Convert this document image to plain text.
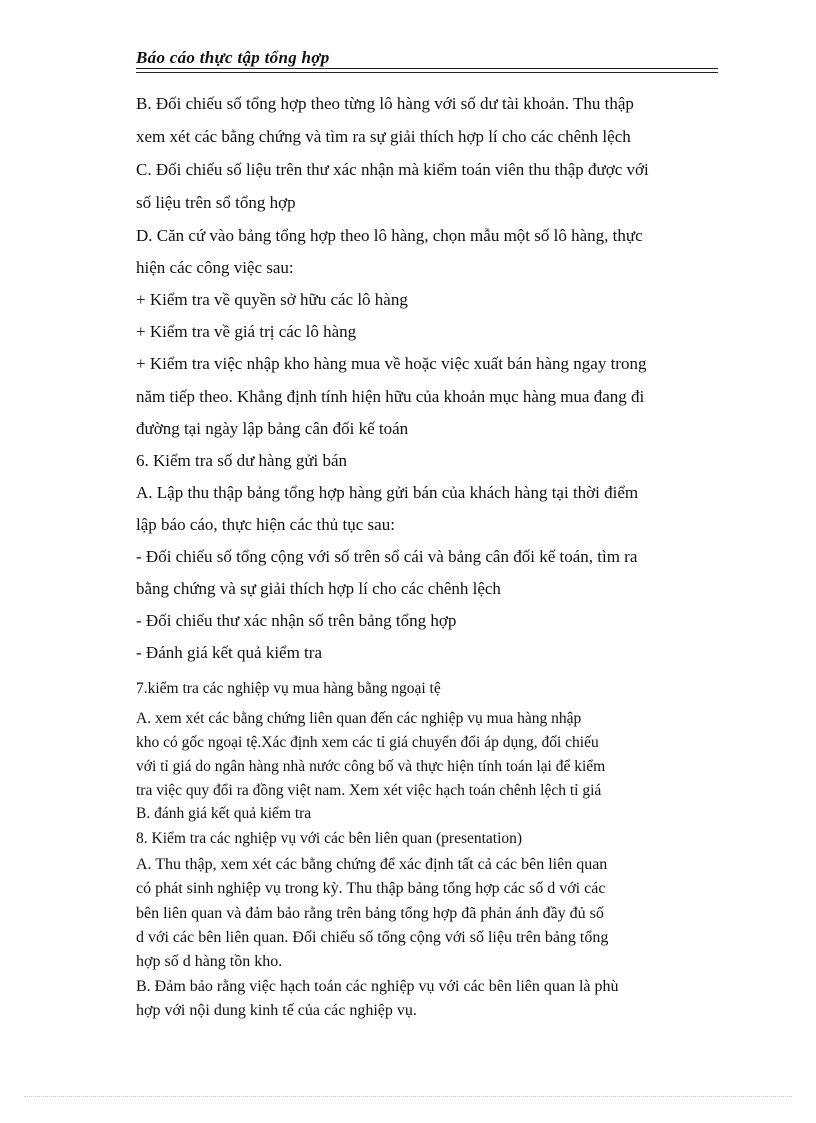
Báo cáo thực tập tổng hợp
B. Đối chiếu số tổng hợp theo từng lô hàng với số dư tài khoản. Thu thập
xem xét các bằng chứng và tìm ra sự giải thích hợp lí cho các chênh lệch
C. Đối chiếu số liệu trên thư xác nhận mà kiểm toán viên thu thập được với
số liệu trên sổ tổng hợp
D. Căn cứ vào bảng tổng hợp theo lô hàng, chọn mẫu một số lô hàng, thực
hiện các công việc sau:
+ Kiểm tra về quyền sở hữu các lô hàng
+ Kiểm tra về giá trị các lô hàng
+ Kiểm tra việc nhập kho hàng mua về hoặc việc xuất bán hàng ngay trong
năm tiếp theo. Khẳng định tính hiện hữu của khoản mục hàng mua đang đi
đường tại ngày lập bảng cân đối kế toán
6. Kiểm tra số dư hàng gửi bán
A. Lập thu thập bảng tổng hợp hàng gửi bán của khách hàng tại thời điểm
lập báo cáo, thực hiện các thủ tục sau:
- Đối chiếu số tổng cộng với số trên sổ cái và bảng cân đối kế toán, tìm ra
bằng chứng và sự giải thích hợp lí cho các chênh lệch
- Đối chiếu thư xác nhận số trên bảng tổng hợp
- Đánh giá kết quả kiểm tra
7.kiểm tra các nghiệp vụ mua hàng bằng ngoại tệ
A. xem xét các bằng chứng liên quan đến các nghiệp vụ mua hàng nhập
kho có gốc ngoại tệ.Xác định xem các tỉ giá chuyển đổi áp dụng, đối chiếu
với tỉ giá do ngân hàng nhà nước công bố và thực hiện tính toán lại để kiểm
tra việc quy đổi ra đồng việt nam. Xem xét việc hạch toán chênh lệch tỉ giá
B. đánh giá kết quả kiểm tra
8. Kiểm tra các nghiệp vụ với các bên liên quan (presentation)
A. Thu thập, xem xét các bằng chứng để xác định tất cả các bên liên quan
có phát sinh nghiệp vụ trong kỳ. Thu thập bảng tổng hợp các số d với các
bên liên quan và đảm bảo rằng trên bảng tổng hợp đã phản ánh đầy đủ số
d với các bên liên quan. Đối chiếu số tổng cộng với số liệu trên bảng tổng
hợp số d hàng tồn kho.
B. Đảm bảo rằng việc hạch toán các nghiệp vụ với các bên liên quan là phù
hợp với nội dung kinh tế của các nghiệp vụ.
